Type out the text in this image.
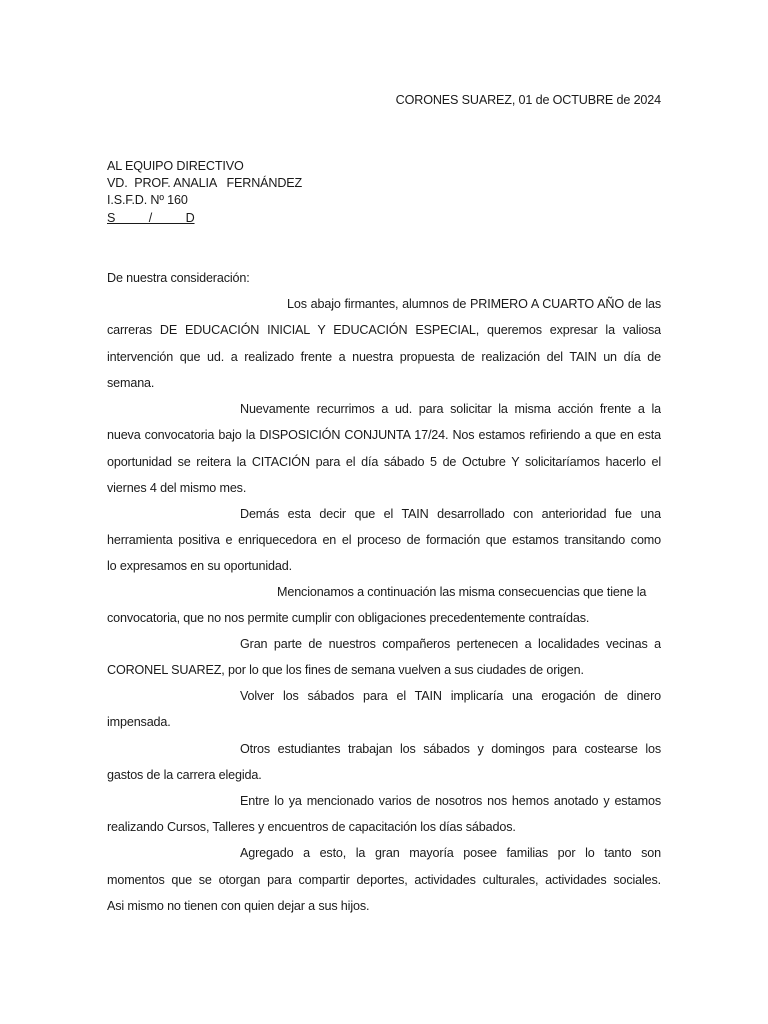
CORONES SUAREZ, 01 de OCTUBRE de 2024
AL EQUIPO DIRECTIVO
VD.  PROF. ANALIA   FERNÁNDEZ
I.S.F.D. Nº 160
S          /          D
De nuestra consideración:
Los abajo firmantes, alumnos de PRIMERO A CUARTO AÑO de las
carreras DE EDUCACIÓN INICIAL Y EDUCACIÓN ESPECIAL, queremos expresar la valiosa
intervención que ud. a realizado frente a nuestra propuesta de realización del TAIN un día de
semana.
Nuevamente recurrimos a ud. para solicitar la misma acción frente a la
nueva convocatoria bajo la DISPOSICIÓN CONJUNTA 17/24. Nos estamos refiriendo a que en esta
oportunidad se reitera la CITACIÓN para el día sábado 5 de Octubre Y solicitaríamos hacerlo el
viernes 4 del mismo mes.
Demás esta decir que el TAIN desarrollado con anterioridad fue una
herramienta positiva e enriquecedora en el proceso de formación que estamos transitando como
lo expresamos en su oportunidad.
Mencionamos a continuación las misma consecuencias que tiene la
convocatoria, que no nos permite cumplir con obligaciones precedentemente contraídas.
Gran parte de nuestros compañeros pertenecen a localidades vecinas a
CORONEL SUAREZ, por lo que los fines de semana vuelven a sus ciudades de origen.
Volver los sábados para el TAIN implicaría una erogación de dinero
impensada.
Otros estudiantes trabajan los sábados y domingos para costearse los
gastos de la carrera elegida.
Entre lo ya mencionado varios de nosotros nos hemos anotado y estamos
realizando Cursos, Talleres y encuentros de capacitación los días sábados.
Agregado a esto, la gran mayoría posee familias por lo tanto son
momentos que se otorgan para compartir deportes, actividades culturales, actividades sociales.
Asi mismo no tienen con quien dejar a sus hijos.
